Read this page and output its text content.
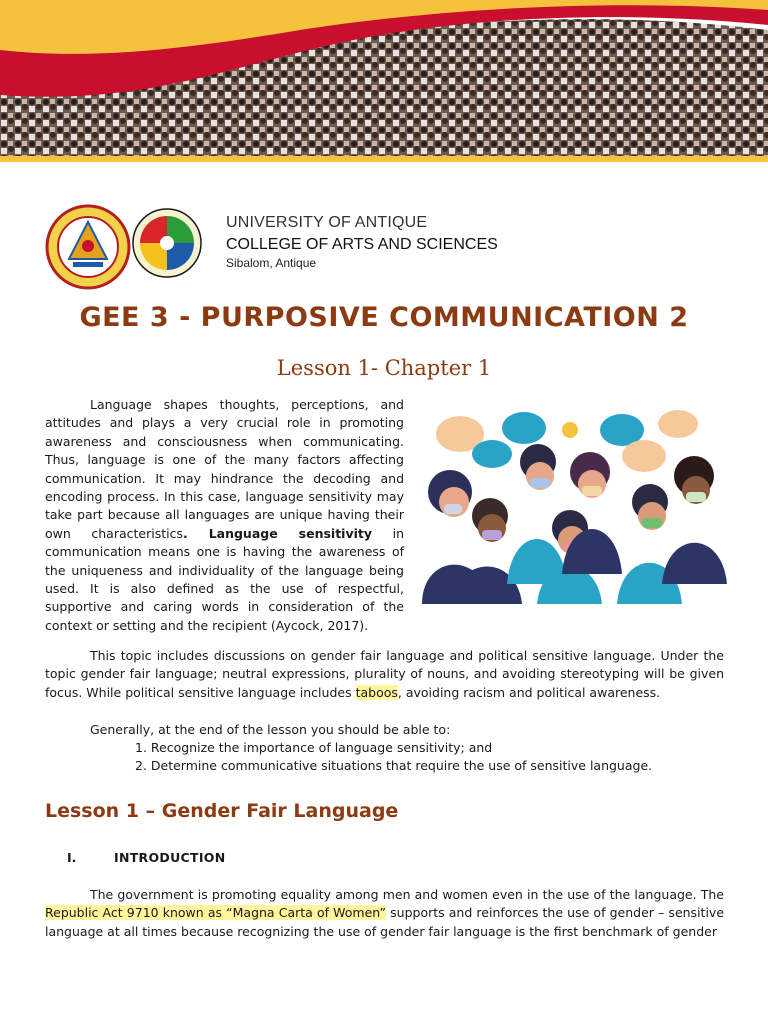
UNIVERSITY OF ANTIQUE
COLLEGE OF ARTS AND SCIENCES
Sibalom, Antique
GEE 3 - PURPOSIVE COMMUNICATION 2
Lesson 1- Chapter 1
Language shapes thoughts, perceptions, and attitudes and plays a very crucial role in promoting awareness and consciousness when communicating. Thus, language is one of the many factors affecting communication. It may hindrance the decoding and encoding process. In this case, language sensitivity may take part because all languages are unique having their own characteristics. Language sensitivity in communication means one is having the awareness of the uniqueness and individuality of the language being used. It is also defined as the use of respectful, supportive and caring words in consideration of the context or setting and the recipient (Aycock, 2017).
This topic includes discussions on gender fair language and political sensitive language. Under the topic gender fair language; neutral expressions, plurality of nouns, and avoiding stereotyping will be given focus. While political sensitive language includes taboos, avoiding racism and political awareness.
Generally, at the end of the lesson you should be able to:
1. Recognize the importance of language sensitivity; and
2. Determine communicative situations that require the use of sensitive language.
Lesson 1 – Gender Fair Language
I.	INTRODUCTION
The government is promoting equality among men and women even in the use of the language. The Republic Act 9710 known as “Magna Carta of Women” supports and reinforces the use of gender – sensitive language at all times because recognizing the use of gender fair language is the first benchmark of gender
